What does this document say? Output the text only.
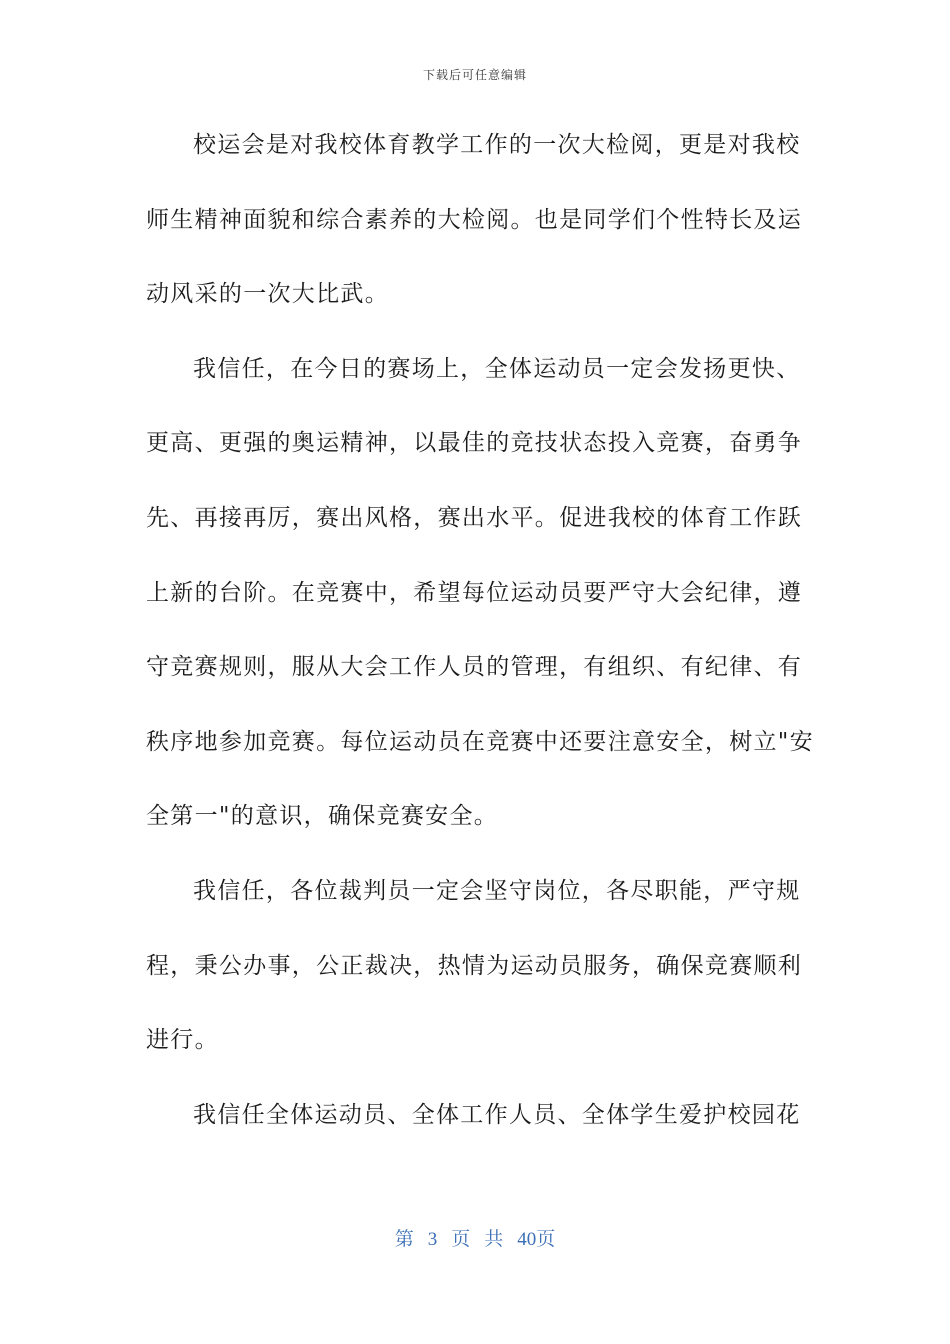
下载后可任意编辑
校运会是对我校体育教学工作的一次大检阅，更是对我校
师生精神面貌和综合素养的大检阅。也是同学们个性特长及运
动风采的一次大比武。
我信任，在今日的赛场上，全体运动员一定会发扬更快、
更高、更强的奥运精神，以最佳的竞技状态投入竞赛，奋勇争
先、再接再厉，赛出风格，赛出水平。促进我校的体育工作跃
上新的台阶。在竞赛中，希望每位运动员要严守大会纪律，遵
守竞赛规则，服从大会工作人员的管理，有组织、有纪律、有
秩序地参加竞赛。每位运动员在竞赛中还要注意安全，树立"安
全第一"的意识，确保竞赛安全。
我信任，各位裁判员一定会坚守岗位，各尽职能，严守规
程，秉公办事，公正裁决，热情为运动员服务，确保竞赛顺利
进行。
我信任全体运动员、全体工作人员、全体学生爱护校园花
第 3 页 共 40页
